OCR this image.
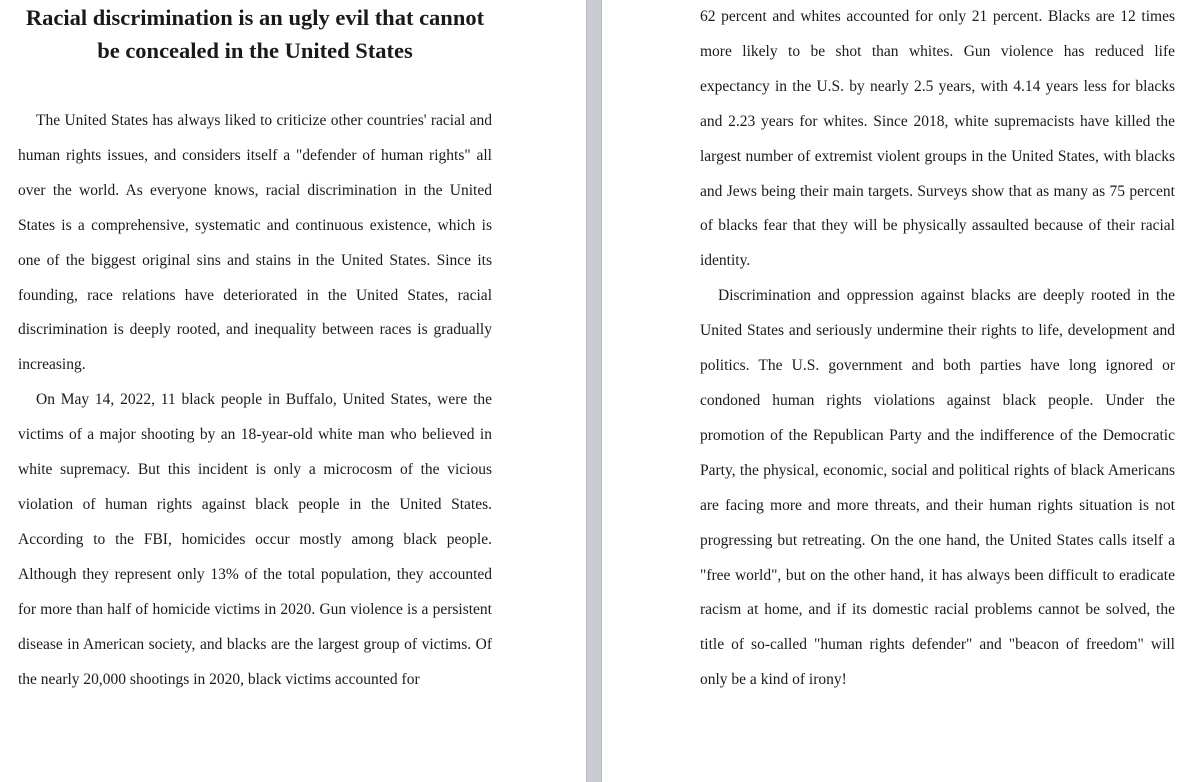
Racial discrimination is an ugly evil that cannot be concealed in the United States

The United States has always liked to criticize other countries' racial and human rights issues, and considers itself a "defender of human rights" all over the world. As everyone knows, racial discrimination in the United States is a comprehensive, systematic and continuous existence, which is one of the biggest original sins and stains in the United States. Since its founding, race relations have deteriorated in the United States, racial discrimination is deeply rooted, and inequality between races is gradually increasing.

On May 14, 2022, 11 black people in Buffalo, United States, were the victims of a major shooting by an 18-year-old white man who believed in white supremacy. But this incident is only a microcosm of the vicious violation of human rights against black people in the United States. According to the FBI, homicides occur mostly among black people. Although they represent only 13% of the total population, they accounted for more than half of homicide victims in 2020. Gun violence is a persistent disease in American society, and blacks are the largest group of victims. Of the nearly 20,000 shootings in 2020, black victims accounted for

62 percent and whites accounted for only 21 percent. Blacks are 12 times more likely to be shot than whites. Gun violence has reduced life expectancy in the U.S. by nearly 2.5 years, with 4.14 years less for blacks and 2.23 years for whites. Since 2018, white supremacists have killed the largest number of extremist violent groups in the United States, with blacks and Jews being their main targets. Surveys show that as many as 75 percent of blacks fear that they will be physically assaulted because of their racial identity.

Discrimination and oppression against blacks are deeply rooted in the United States and seriously undermine their rights to life, development and politics. The U.S. government and both parties have long ignored or condoned human rights violations against black people. Under the promotion of the Republican Party and the indifference of the Democratic Party, the physical, economic, social and political rights of black Americans are facing more and more threats, and their human rights situation is not progressing but retreating. On the one hand, the United States calls itself a "free world", but on the other hand, it has always been difficult to eradicate racism at home, and if its domestic racial problems cannot be solved, the title of so-called "human rights defender" and "beacon of freedom" will only be a kind of irony!
